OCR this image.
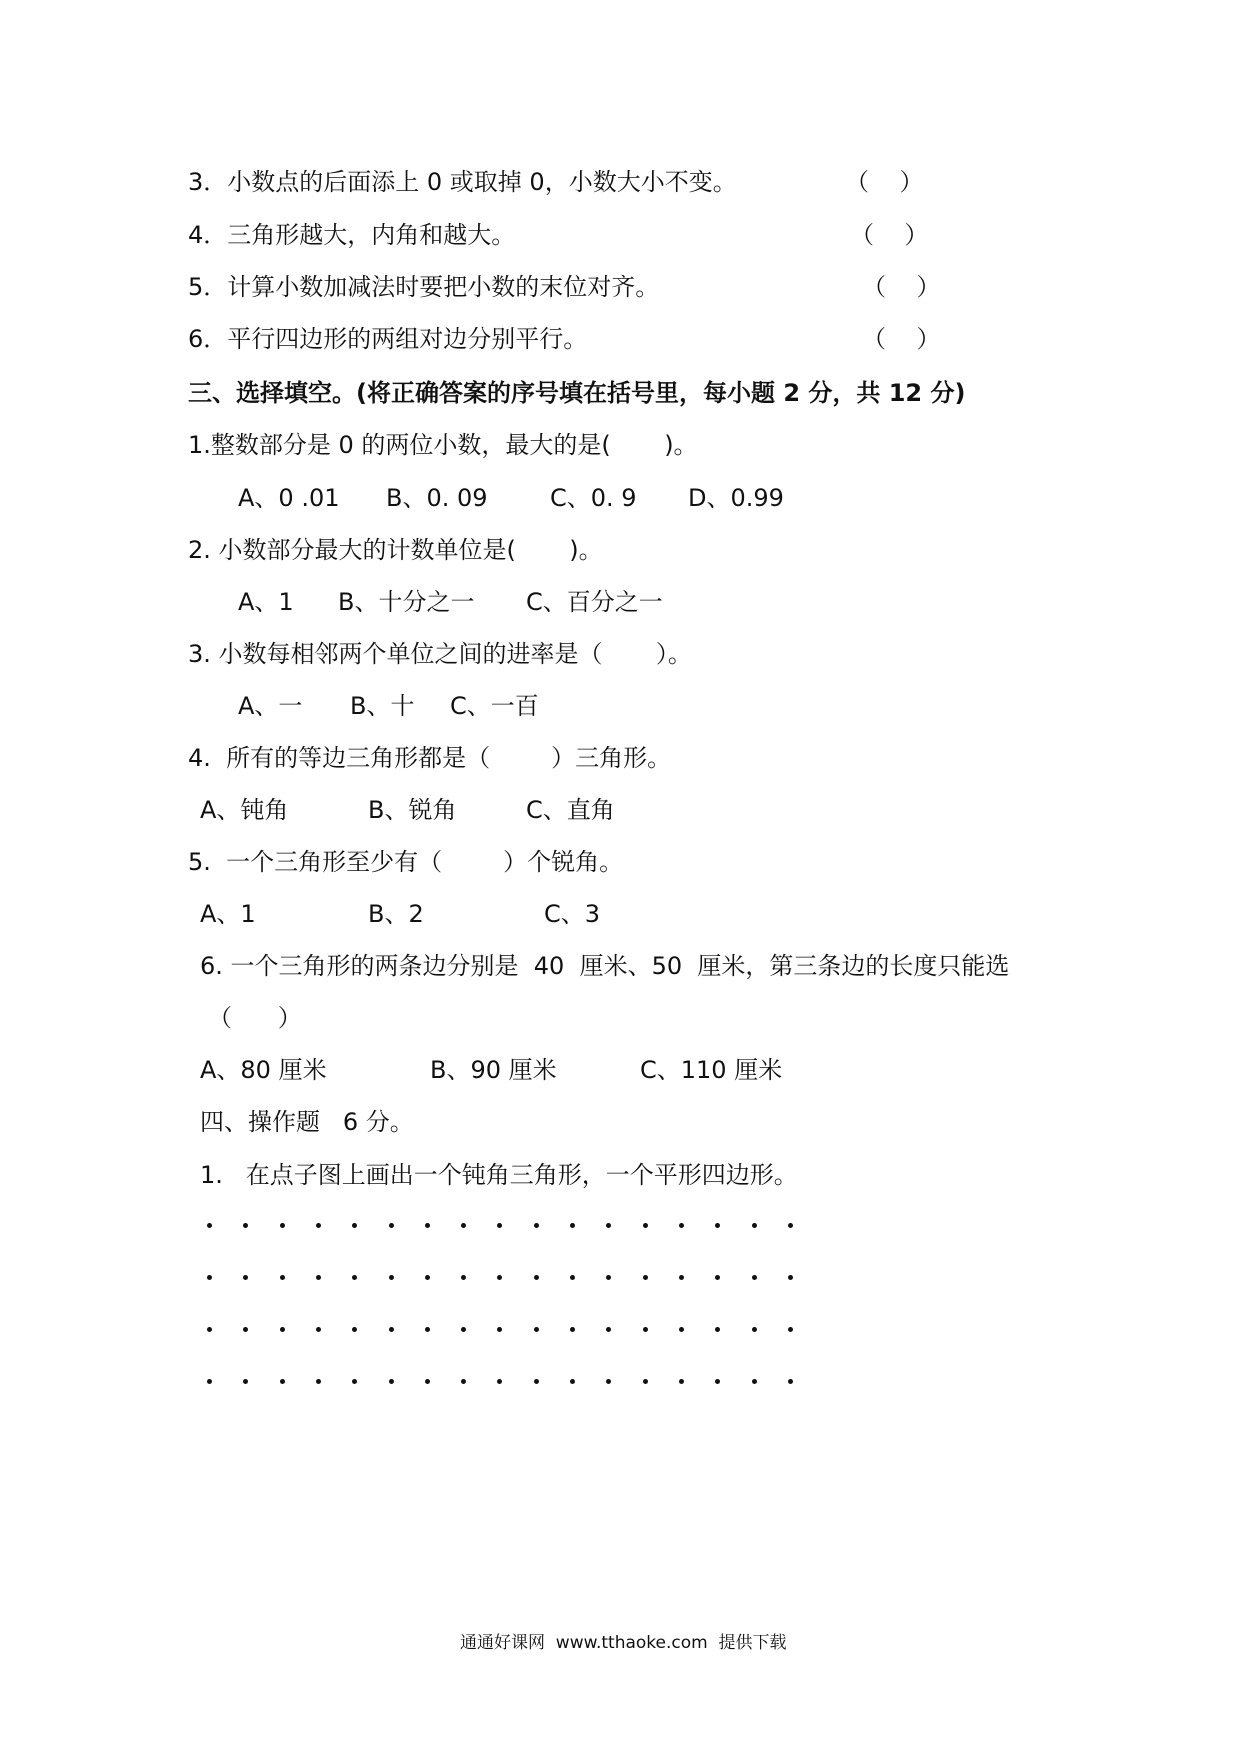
3．小数点的后面添上 0 或取掉 0，小数大小不变。	（    ）
4．三角形越大，内角和越大。	（    ）
5．计算小数加减法时要把小数的末位对齐。	（    ）
6．平行四边形的两组对边分别平行。	（    ）
三、选择填空。(将正确答案的序号填在括号里，每小题 2 分，共 12 分)
1.整数部分是 0 的两位小数，最大的是(       )。
A、0 .01 B、0. 09	C、0. 9 D、0.99
2. 小数部分最大的计数单位是(       )。
A、1 B、十分之一 C、百分之一
3. 小数每相邻两个单位之间的进率是（       ）。
A、一 B、十 C、一百
4.  所有的等边三角形都是（        ）三角形。
A、钝角	B、锐角	C、直角
5.  一个三角形至少有（        ）个锐角。
A、1	B、2	C、3
6. 一个三角形的两条边分别是  40  厘米、50  厘米，第三条边的长度只能选
（      ）
A、80 厘米	B、90 厘米	C、110 厘米
四、操作题   6 分。
1.   在点子图上画出一个钝角三角形，一个平形四边形。
通通好课网  www.tthaoke.com  提供下载
